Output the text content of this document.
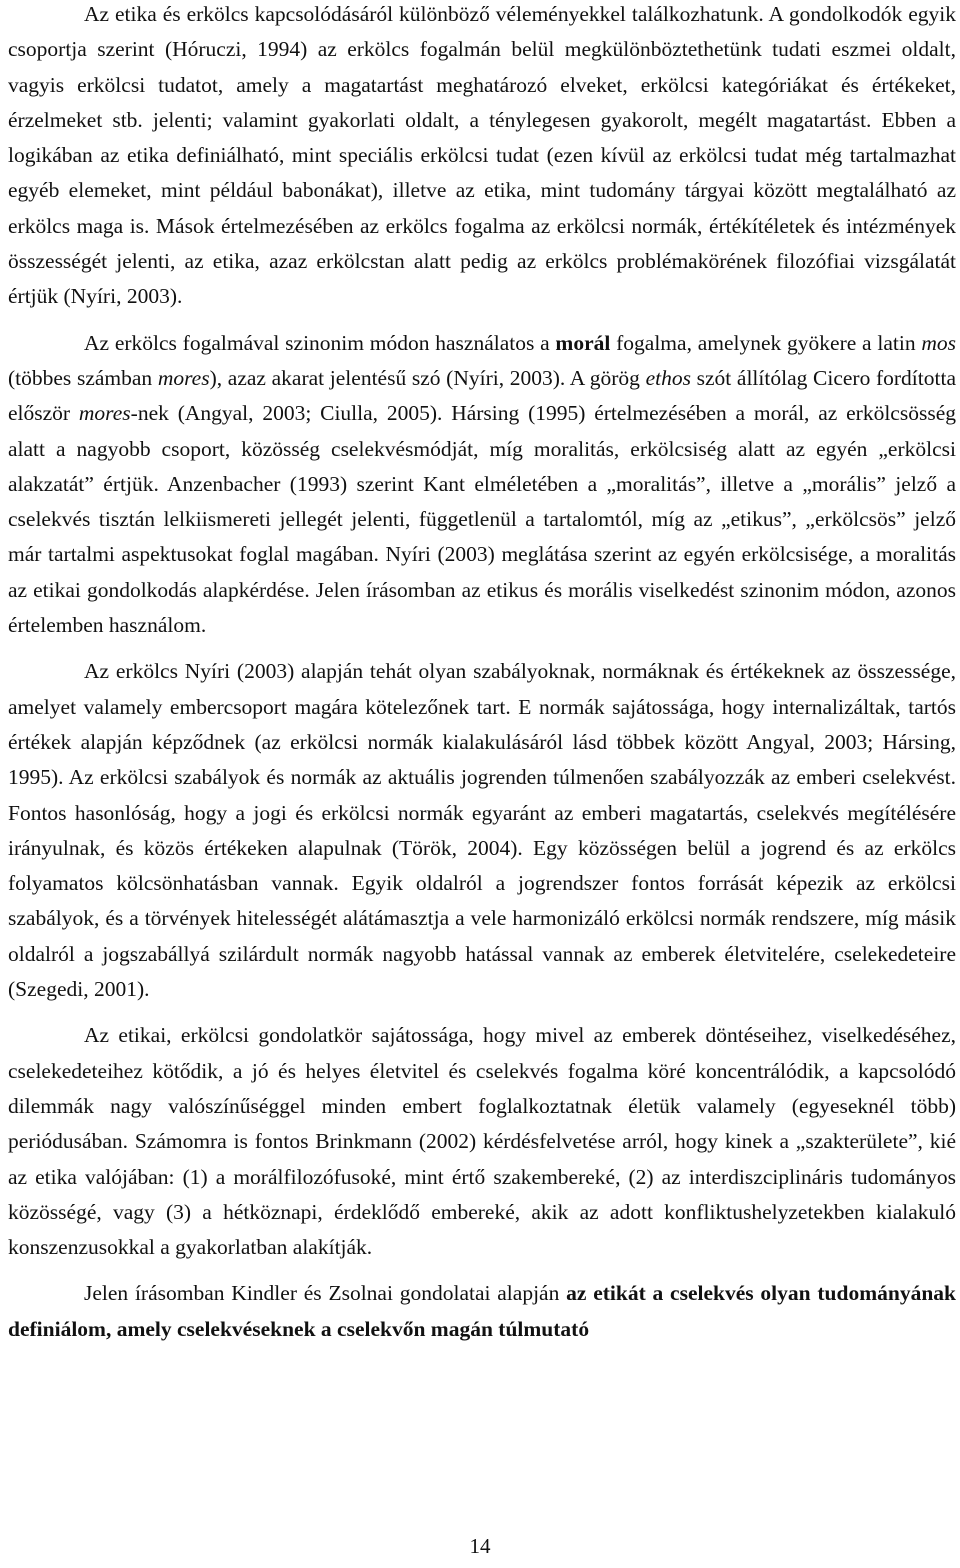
Az etika és erkölcs kapcsolódásáról különböző véleményekkel találkozhatunk. A gondolkodók egyik csoportja szerint (Hóruczi, 1994) az erkölcs fogalmán belül megkülönböztethetünk tudati eszmei oldalt, vagyis erkölcsi tudatot, amely a magatartást meghatározó elveket, erkölcsi kategóriákat és értékeket, érzelmeket stb. jelenti; valamint gyakorlati oldalt, a ténylegesen gyakorolt, megélt magatartást. Ebben a logikában az etika definiálható, mint speciális erkölcsi tudat (ezen kívül az erkölcsi tudat még tartalmazhat egyéb elemeket, mint például babonákat), illetve az etika, mint tudomány tárgyai között megtalálható az erkölcs maga is. Mások értelmezésében az erkölcs fogalma az erkölcsi normák, értékítéletek és intézmények összességét jelenti, az etika, azaz erkölcstan alatt pedig az erkölcs problémakörének filozófiai vizsgálatát értjük (Nyíri, 2003).

Az erkölcs fogalmával szinonim módon használatos a morál fogalma, amelynek gyökere a latin mos (többes számban mores), azaz akarat jelentésű szó (Nyíri, 2003). A görög ethos szót állítólag Cicero fordította először mores-nek (Angyal, 2003; Ciulla, 2005). Hársing (1995) értelmezésében a morál, az erkölcsösség alatt a nagyobb csoport, közösség cselekvésmódját, míg moralitás, erkölcsiség alatt az egyén „erkölcsi alakzatát” értjük. Anzenbacher (1993) szerint Kant elméletében a „moralitás”, illetve a „morális” jelző a cselekvés tisztán lelkiismereti jellegét jelenti, függetlenül a tartalomtól, míg az „etikus”, „erkölcsös” jelző már tartalmi aspektusokat foglal magában. Nyíri (2003) meglátása szerint az egyén erkölcsisége, a moralitás az etikai gondolkodás alapkérdése. Jelen írásomban az etikus és morális viselkedést szinonim módon, azonos értelemben használom.

Az erkölcs Nyíri (2003) alapján tehát olyan szabályoknak, normáknak és értékeknek az összessége, amelyet valamely embercsoport magára kötelezőnek tart. E normák sajátossága, hogy internalizáltak, tartós értékek alapján képződnek (az erkölcsi normák kialakulásáról lásd többek között Angyal, 2003; Hársing, 1995). Az erkölcsi szabályok és normák az aktuális jogrenden túlmenően szabályozzák az emberi cselekvést. Fontos hasonlóság, hogy a jogi és erkölcsi normák egyaránt az emberi magatartás, cselekvés megítélésére irányulnak, és közös értékeken alapulnak (Török, 2004). Egy közösségen belül a jogrend és az erkölcs folyamatos kölcsönhatásban vannak. Egyik oldalról a jogrendszer fontos forrását képezik az erkölcsi szabályok, és a törvények hitelességét alátámasztja a vele harmonizáló erkölcsi normák rendszere, míg másik oldalról a jogszabállyá szilárdult normák nagyobb hatással vannak az emberek életvitelére, cselekedeteire (Szegedi, 2001).

Az etikai, erkölcsi gondolatkör sajátossága, hogy mivel az emberek döntéseihez, viselkedéséhez, cselekedeteihez kötődik, a jó és helyes életvitel és cselekvés fogalma köré koncentrálódik, a kapcsolódó dilemmák nagy valószínűséggel minden embert foglalkoztatnak életük valamely (egyeseknél több) periódusában. Számomra is fontos Brinkmann (2002) kérdésfelvetése arról, hogy kinek a „szakterülete”, kié az etika valójában: (1) a morálfilozófusoké, mint értő szakembereké, (2) az interdiszciplináris tudományos közösségé, vagy (3) a hétköznapi, érdeklődő embereké, akik az adott konfliktushelyzetekben kialakuló konszenzusokkal a gyakorlatban alakítják.

Jelen írásomban Kindler és Zsolnai gondolatai alapján az etikát a cselekvés olyan tudományának definiálom, amely cselekvéseknek a cselekvőn magán túlmutató

14
